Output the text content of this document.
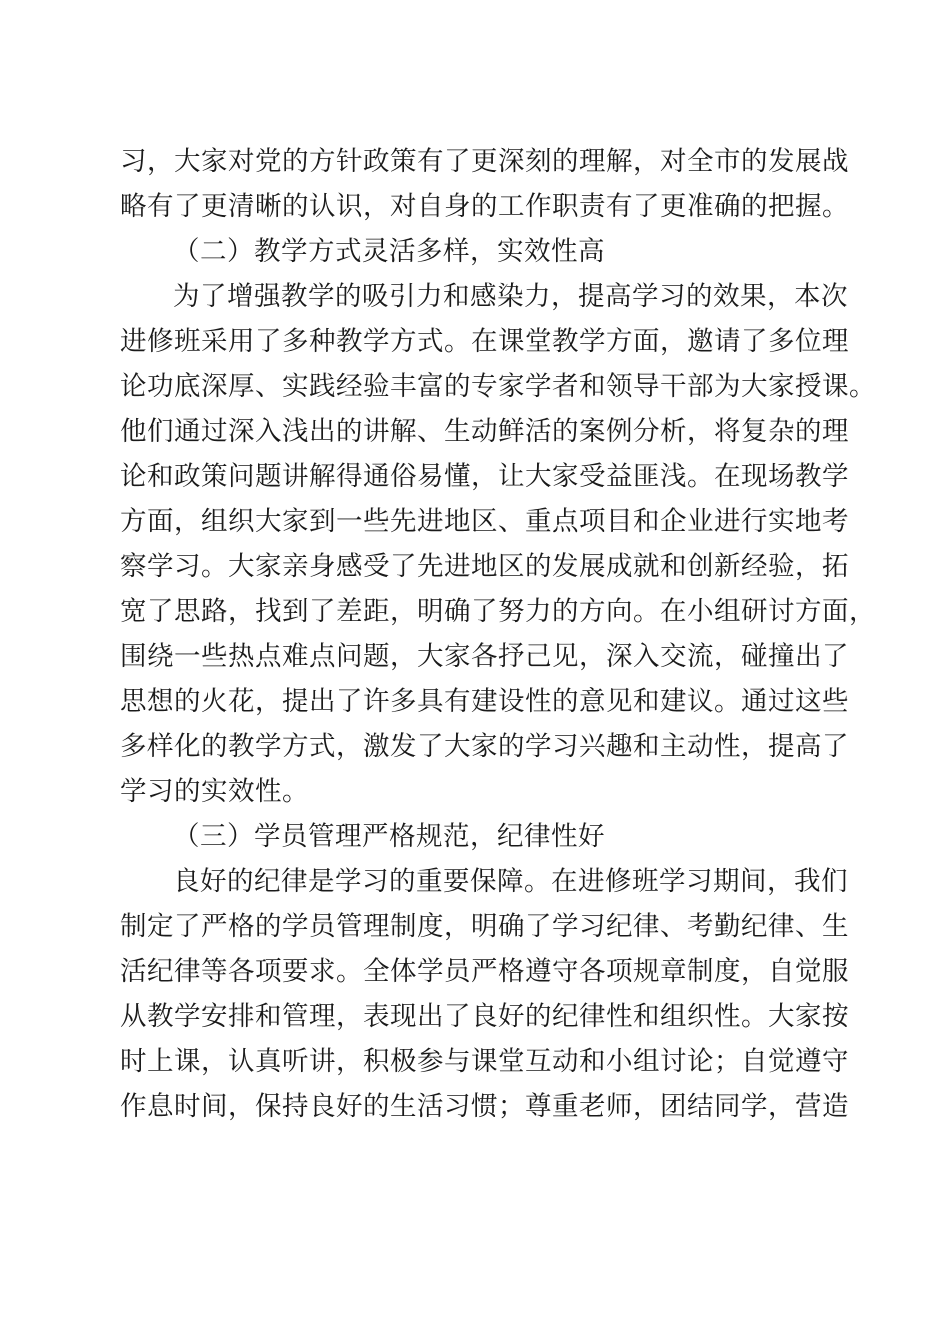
习，大家对党的方针政策有了更深刻的理解，对全市的发展战
略有了更清晰的认识，对自身的工作职责有了更准确的把握。
（二）教学方式灵活多样，实效性高
为了增强教学的吸引力和感染力，提高学习的效果，本次
进修班采用了多种教学方式。在课堂教学方面，邀请了多位理
论功底深厚、实践经验丰富的专家学者和领导干部为大家授课。
他们通过深入浅出的讲解、生动鲜活的案例分析，将复杂的理
论和政策问题讲解得通俗易懂，让大家受益匪浅。在现场教学
方面，组织大家到一些先进地区、重点项目和企业进行实地考
察学习。大家亲身感受了先进地区的发展成就和创新经验，拓
宽了思路，找到了差距，明确了努力的方向。在小组研讨方面，
围绕一些热点难点问题，大家各抒己见，深入交流，碰撞出了
思想的火花，提出了许多具有建设性的意见和建议。通过这些
多样化的教学方式，激发了大家的学习兴趣和主动性，提高了
学习的实效性。
（三）学员管理严格规范，纪律性好
良好的纪律是学习的重要保障。在进修班学习期间，我们
制定了严格的学员管理制度，明确了学习纪律、考勤纪律、生
活纪律等各项要求。全体学员严格遵守各项规章制度，自觉服
从教学安排和管理，表现出了良好的纪律性和组织性。大家按
时上课，认真听讲，积极参与课堂互动和小组讨论；自觉遵守
作息时间，保持良好的生活习惯；尊重老师，团结同学，营造
